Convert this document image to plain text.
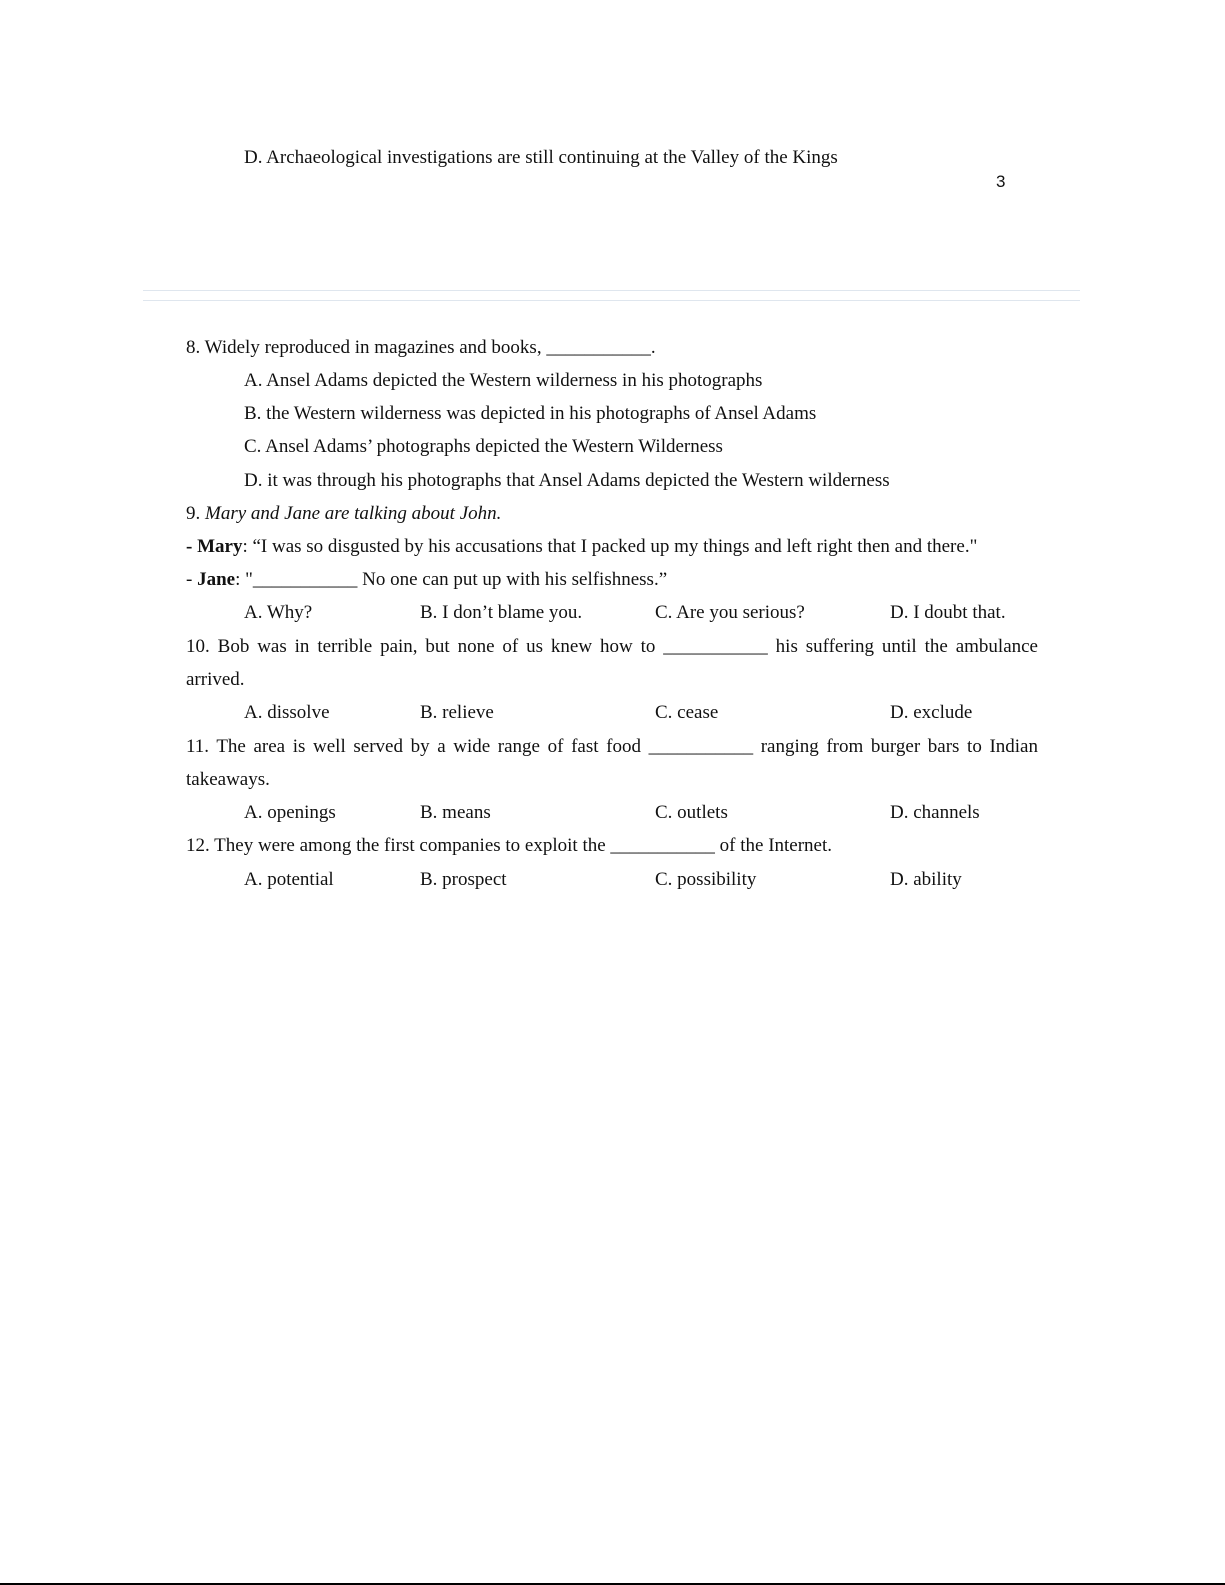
D. Archaeological investigations are still continuing at the Valley of the Kings
3
8. Widely reproduced in magazines and books, ___________.
A. Ansel Adams depicted the Western wilderness in his photographs
B. the Western wilderness was depicted in his photographs of Ansel Adams
C. Ansel Adams’ photographs depicted the Western Wilderness
D. it was through his photographs that Ansel Adams depicted the Western wilderness
9. Mary and Jane are talking about John.
- Mary: “I was so disgusted by his accusations that I packed up my things and left right then and there."
- Jane: "___________ No one can put up with his selfishness.”
A. Why?	B. I don’t blame you.	C. Are you serious?	D. I doubt that.
10. Bob was in terrible pain, but none of us knew how to ___________ his suffering until the ambulance
arrived.
A. dissolve	B. relieve	C. cease	D. exclude
11. The area is well served by a wide range of fast food ___________ ranging from burger bars to Indian
takeaways.
A. openings	B. means	C. outlets	D. channels
12. They were among the first companies to exploit the ___________ of the Internet.
A. potential	B. prospect	C. possibility	D. ability
